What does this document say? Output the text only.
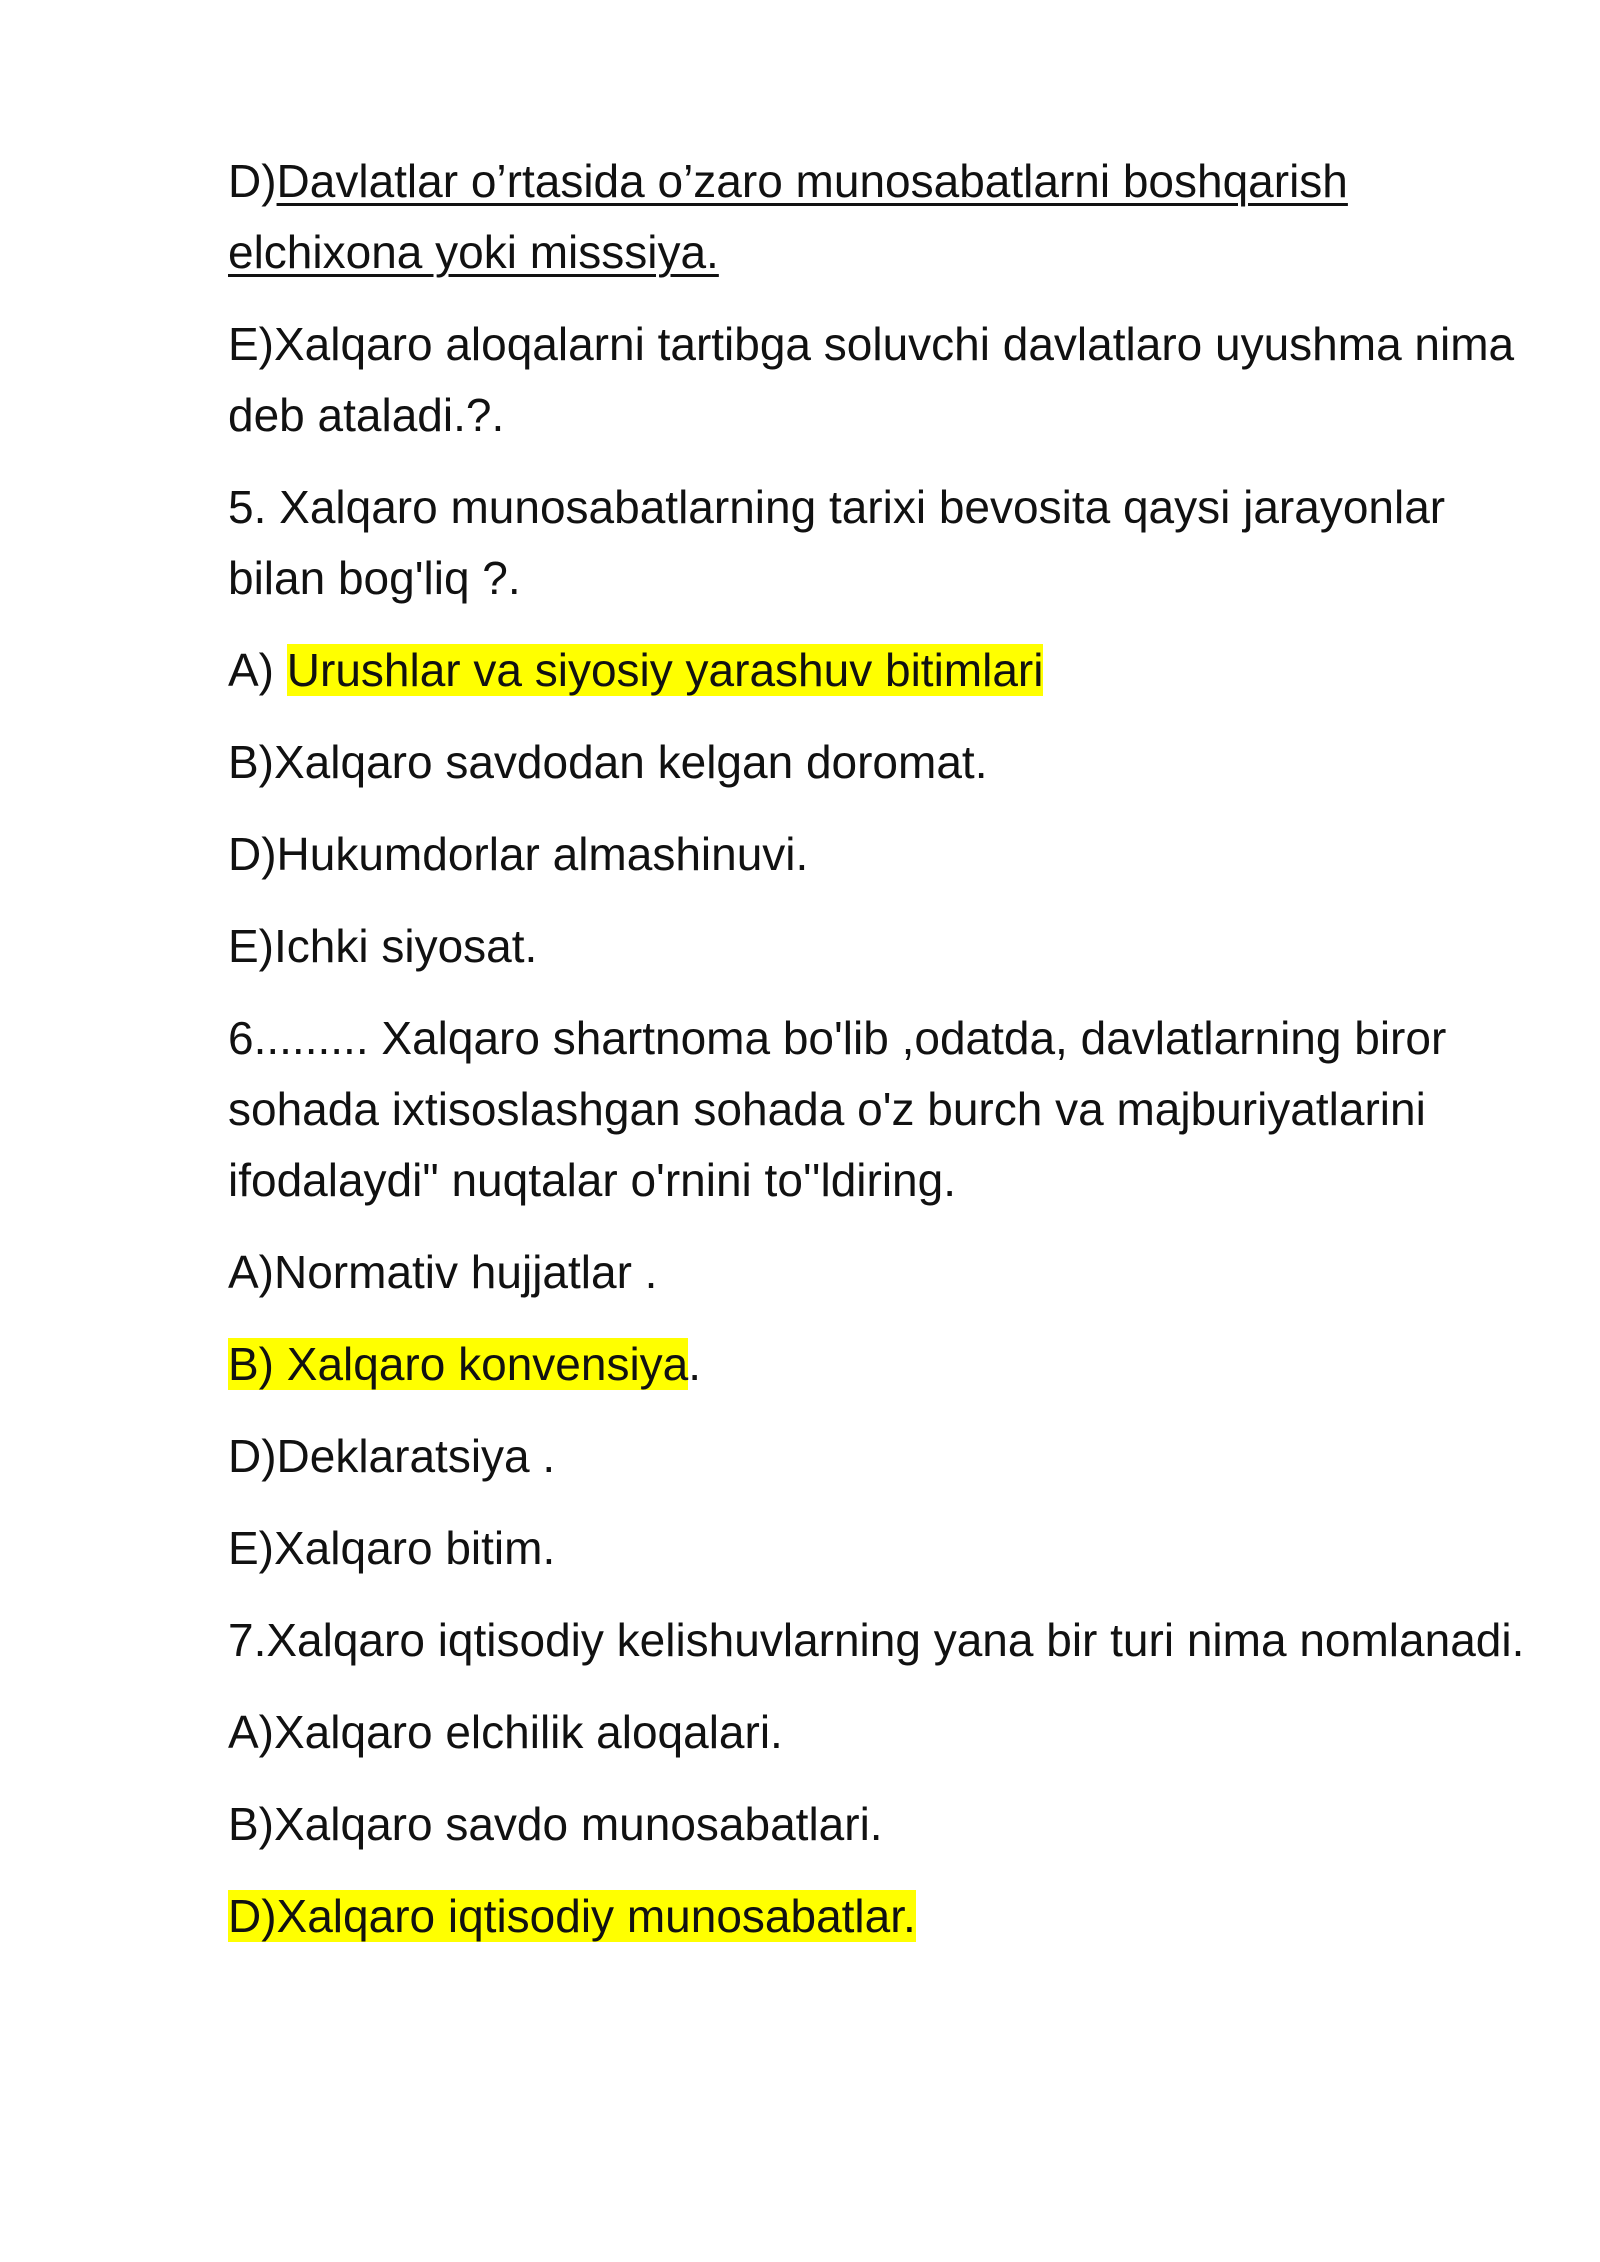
D)Davlatlar o’rtasida o’zaro munosabatlarni boshqarish elchixona yoki misssiya.

E)Xalqaro aloqalarni tartibga soluvchi davlatlaro uyushma nima deb ataladi.?.

5. Xalqaro munosabatlarning tarixi bevosita qaysi jarayonlar bilan bog'liq ?.

A) Urushlar va siyosiy yarashuv bitimlari

B)Xalqaro savdodan kelgan doromat.

D)Hukumdorlar almashinuvi.

E)Ichki siyosat.

6......... Xalqaro shartnoma bo'lib ,odatda, davlatlarning biror sohada ixtisoslashgan sohada o'z burch va majburiyatlarini ifodalaydi" nuqtalar o'rnini to''ldiring.

A)Normativ hujjatlar .

B) Xalqaro konvensiya.

D)Deklaratsiya .

E)Xalqaro bitim.

7.Xalqaro iqtisodiy kelishuvlarning yana bir turi nima nomlanadi.

A)Xalqaro elchilik aloqalari.

B)Xalqaro savdo munosabatlari.

D)Xalqaro iqtisodiy munosabatlar.
